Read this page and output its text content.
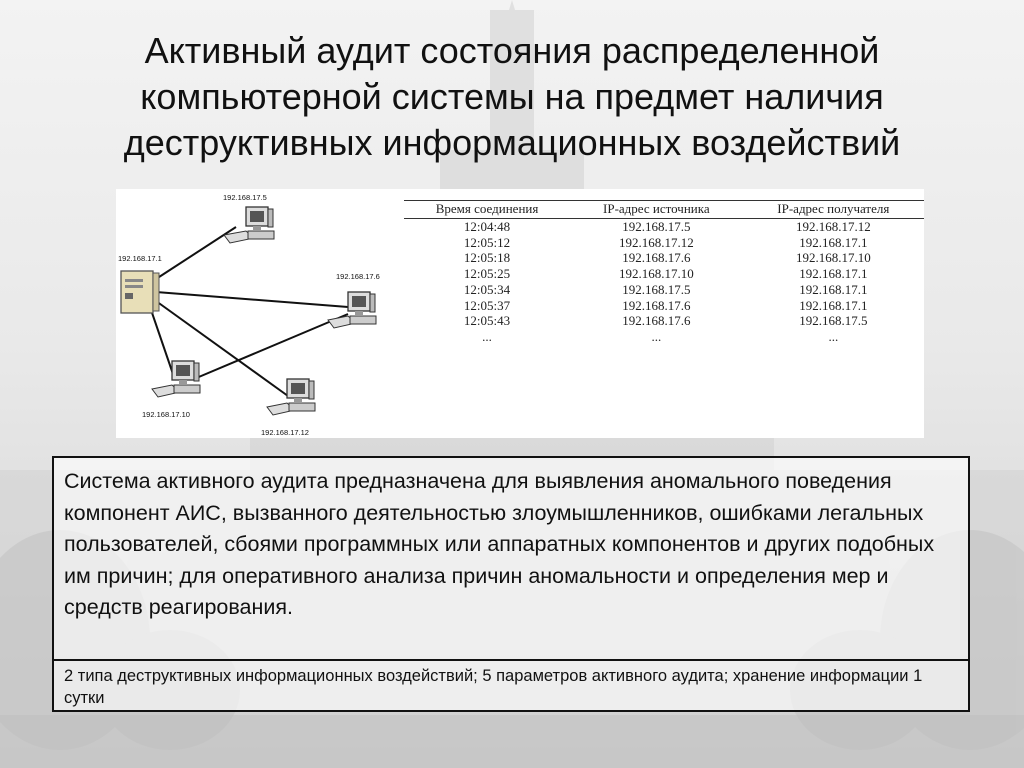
Активный аудит состояния распределенной компьютерной системы на предмет наличия деструктивных информационных воздействий
192.168.17.1
192.168.17.5
192.168.17.6
192.168.17.10
192.168.17.12
Время соединения	IP-адрес источника	IP-адрес получателя
12:04:48	192.168.17.5	192.168.17.12
12:05:12	192.168.17.12	192.168.17.1
12:05:18	192.168.17.6	192.168.17.10
12:05:25	192.168.17.10	192.168.17.1
12:05:34	192.168.17.5	192.168.17.1
12:05:37	192.168.17.6	192.168.17.1
12:05:43	192.168.17.6	192.168.17.5
...	...	...

Система активного аудита предназначена для выявления аномального поведения компонент АИС, вызванного деятельностью злоумышленников, ошибками легальных пользователей, сбоями программных или аппаратных компонентов и других подобных им причин; для оперативного анализа причин аномальности и определения мер и средств реагирования.

2 типа деструктивных информационных воздействий; 5 параметров активного аудита; хранение информации 1 сутки
